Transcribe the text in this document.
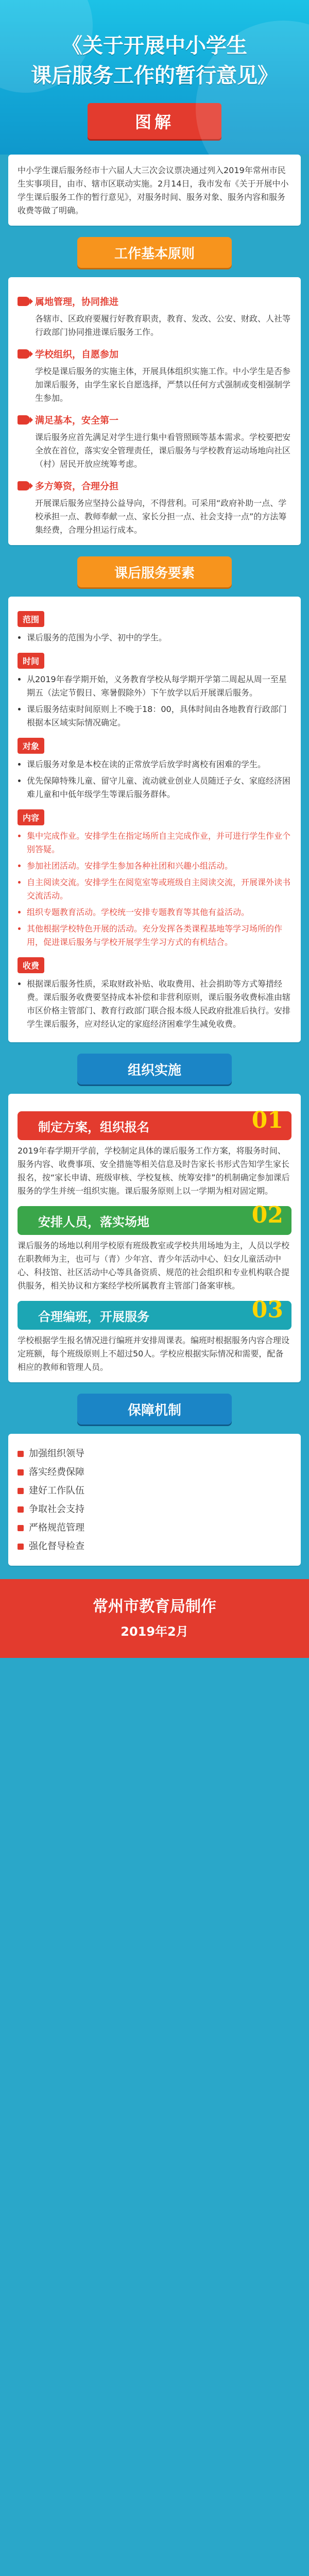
《关于开展中小学生
课后服务工作的暂行意见》
图解

中小学生课后服务经市十六届人大三次会议票决通过列入2019年常州市民生实事项目，由市、辖市区联动实施。2月14日，我市发布《关于开展中小学生课后服务工作的暂行意见》，对服务时间、服务对象、服务内容和服务收费等做了明确。

工作基本原则
属地管理，协同推进
各辖市、区政府要履行好教育职责，教育、发改、公安、财政、人社等行政部门协同推进课后服务工作。
学校组织，自愿参加
学校是课后服务的实施主体，开展具体组织实施工作。中小学生是否参加课后服务，由学生家长自愿选择，严禁以任何方式强制或变相强制学生参加。
满足基本，安全第一
课后服务应首先满足对学生进行集中看管照顾等基本需求。学校要把安全放在首位，落实安全管理责任，课后服务与学校教育运动场地向社区（村）居民开放应统筹考虑。
多方筹资，合理分担
开展课后服务应坚持公益导向，不得营利。可采用“政府补助一点、学校承担一点、教师奉献一点、家长分担一点、社会支持一点”的方法筹集经费，合理分担运行成本。
课后服务要素
范围
• 课后服务的范围为小学、初中的学生。
时间
• 从2019年春学期开始，义务教育学校从每学期开学第二周起从周一至星期五（法定节假日、寒暑假除外）下午放学以后开展课后服务。
• 课后服务结束时间原则上不晚于18：00，具体时间由各地教育行政部门根据本区域实际情况确定。
对象
• 课后服务对象是本校在读的正常放学后放学时离校有困难的学生。
• 优先保障特殊儿童、留守儿童、流动就业创业人员随迁子女、家庭经济困难儿童和中低年级学生等课后服务群体。
内容
• 集中完成作业。安排学生在指定场所自主完成作业，并可进行学生作业个别答疑。
• 参加社团活动。安排学生参加各种社团和兴趣小组活动。
• 自主阅读交流。安排学生在阅览室等或班级自主阅读交流，开展课外读书交流活动。
• 组织专题教育活动。学校统一安排专题教育等其他有益活动。
• 其他根据学校特色开展的活动。充分发挥各类课程基地等学习场所的作用，促进课后服务与学校开展学生学习方式的有机结合。
收费
• 根据课后服务性质，采取财政补贴、收取费用、社会捐助等方式筹措经费。课后服务收费要坚持成本补偿和非营利原则，课后服务收费标准由辖市区价格主管部门、教育行政部门联合报本级人民政府批准后执行。安排学生课后服务，应对经认定的家庭经济困难学生减免收费。
组织实施
制定方案，组织报名	01

2019年春学期开学前，学校制定具体的课后服务工作方案，将服务时间、服务内容、收费事项、安全措施等相关信息及时告家长书形式告知学生家长报名，按“家长申请、班级审核、学校复核、统筹安排”的机制确定参加课后服务的学生并统一组织实施。课后服务原则上以一学期为相对固定期。

安排人员，落实场地	02

课后服务的场地以利用学校原有班级教室或学校共用场地为主，人员以学校在职教师为主，也可与（青）少年宫、青少年活动中心、妇女儿童活动中心、科技馆、社区活动中心等具备资质、规范的社会组织和专业机构联合提供服务，相关协议和方案经学校所属教育主管部门备案审核。

合理编班，开展服务	03

学校根据学生报名情况进行编班并安排周课表。编班时根据服务内容合理设定班额，每个班级原则上不超过50人。学校应根据实际情况和需要，配备相应的教师和管理人员。

保障机制
加强组织领导
落实经费保障
建好工作队伍
争取社会支持
严格规范管理
强化督导检查
常州市教育局制作
2019年2月
